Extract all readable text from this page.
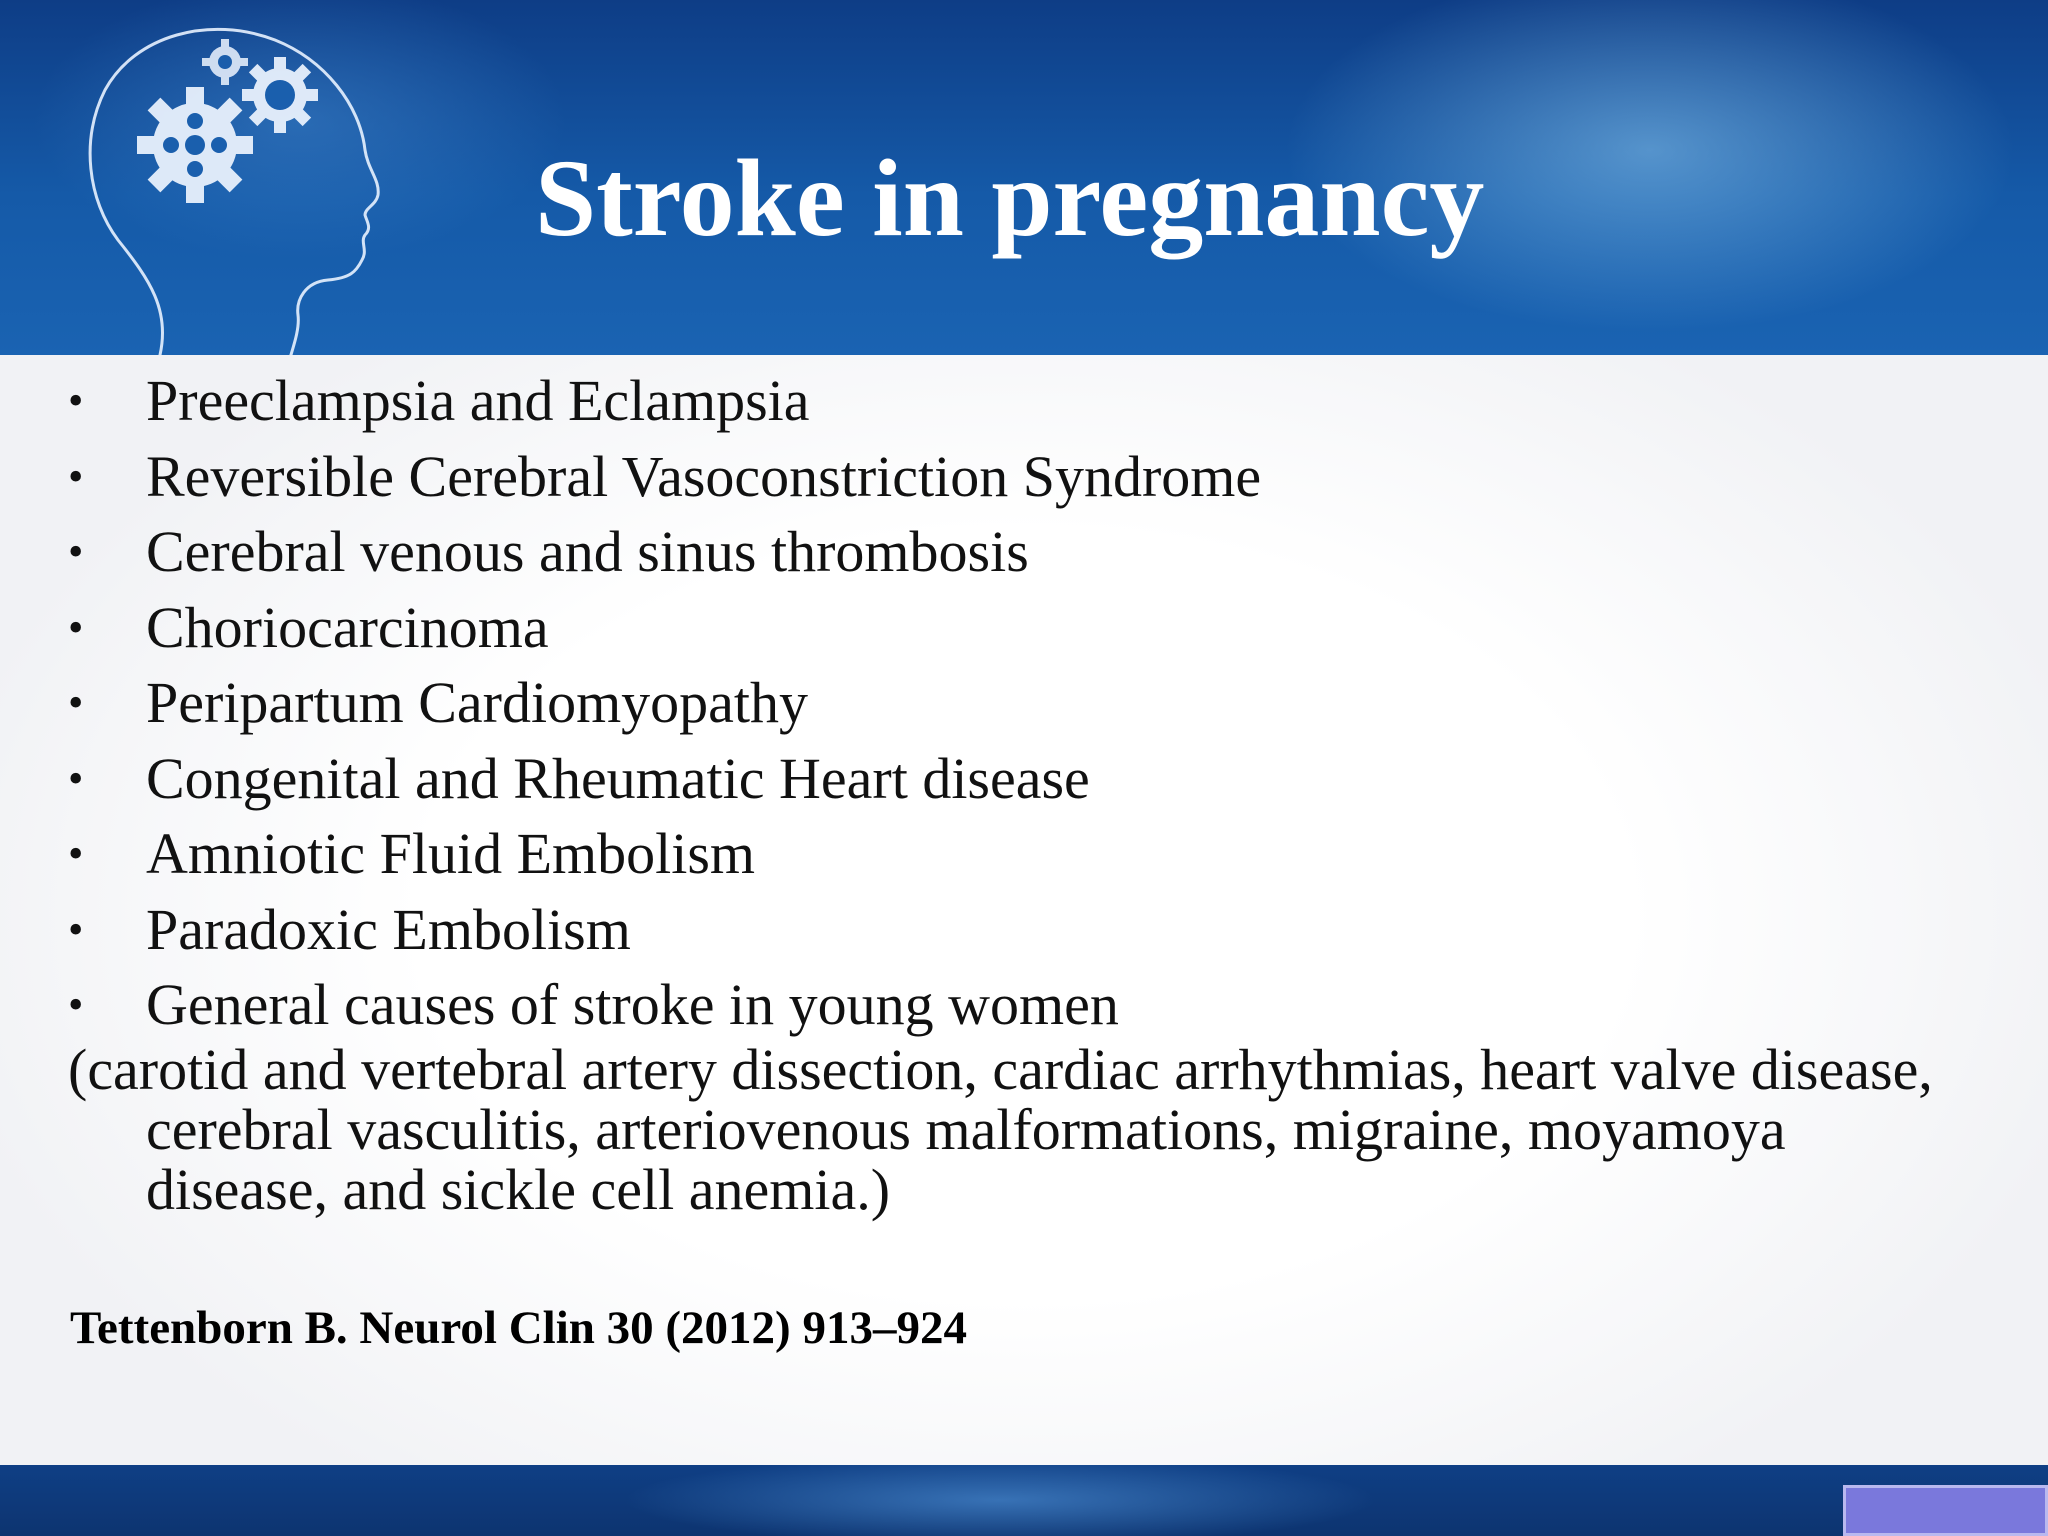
Stroke in pregnancy
• Preeclampsia and Eclampsia
• Reversible Cerebral Vasoconstriction Syndrome
• Cerebral venous and sinus thrombosis
• Choriocarcinoma
• Peripartum Cardiomyopathy
• Congenital and Rheumatic Heart disease
• Amniotic Fluid Embolism
• Paradoxic Embolism
• General causes of stroke in young women
(carotid and vertebral artery dissection, cardiac arrhythmias, heart valve disease, cerebral vasculitis, arteriovenous malformations, migraine, moyamoya disease, and sickle cell anemia.)
Tettenborn B. Neurol Clin 30 (2012) 913–924
